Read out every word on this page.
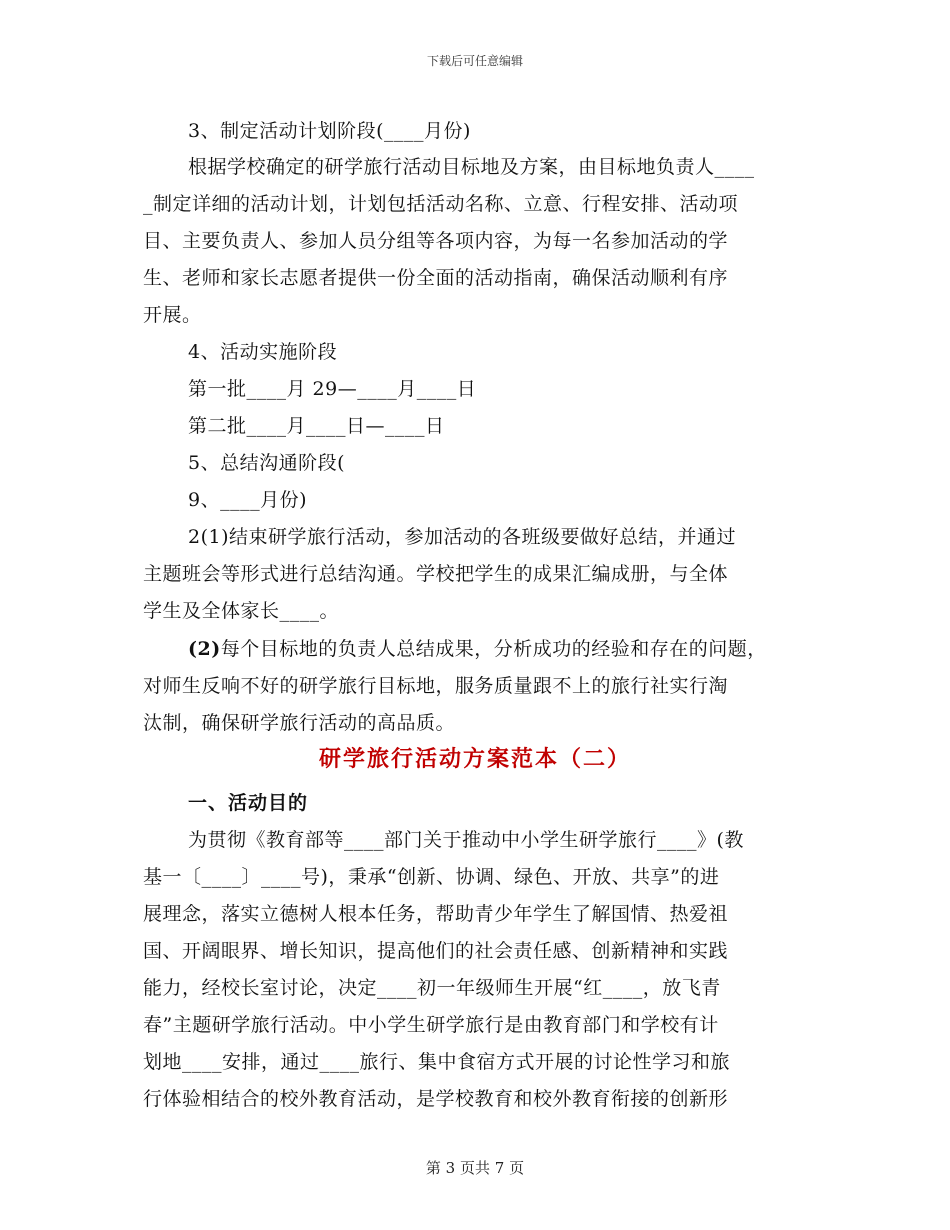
下载后可任意编辑
3、制定活动计划阶段(____月份)
根据学校确定的研学旅行活动目标地及方案，由目标地负责人____
_制定详细的活动计划，计划包括活动名称、立意、行程安排、活动项
目、主要负责人、参加人员分组等各项内容，为每一名参加活动的学
生、老师和家长志愿者提供一份全面的活动指南，确保活动顺利有序
开展。
4、活动实施阶段
第一批____月 29—____月____日
第二批____月____日—____日
5、总结沟通阶段(
9、____月份)
2(1)结束研学旅行活动，参加活动的各班级要做好总结，并通过
主题班会等形式进行总结沟通。学校把学生的成果汇编成册，与全体
学生及全体家长____。
(2)每个目标地的负责人总结成果，分析成功的经验和存在的问题，
对师生反响不好的研学旅行目标地，服务质量跟不上的旅行社实行淘
汰制，确保研学旅行活动的高品质。
研学旅行活动方案范本（二）
一、活动目的
为贯彻《教育部等____部门关于推动中小学生研学旅行____》(教
基一〔____〕____号)，秉承“创新、协调、绿色、开放、共享”的进
展理念，落实立德树人根本任务，帮助青少年学生了解国情、热爱祖
国、开阔眼界、增长知识，提高他们的社会责任感、创新精神和实践
能力，经校长室讨论，决定____初一年级师生开展“红____，放飞青
春”主题研学旅行活动。中小学生研学旅行是由教育部门和学校有计
划地____安排，通过____旅行、集中食宿方式开展的讨论性学习和旅
行体验相结合的校外教育活动，是学校教育和校外教育衔接的创新形
第 3 页共 7 页
